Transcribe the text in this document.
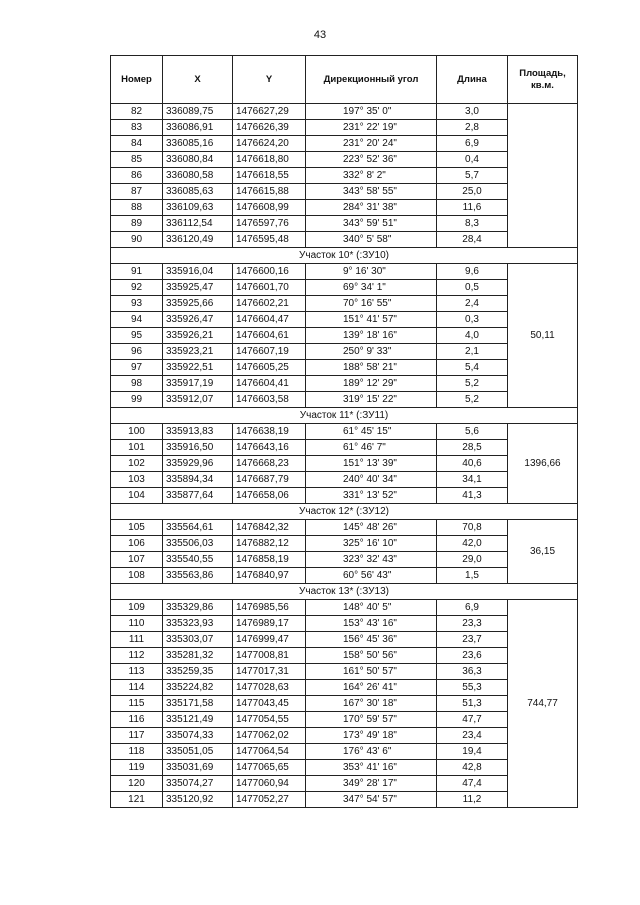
43
Номер	X	Y	Дирекционный угол	Длина	Площадь, кв.м.
82	336089,75	1476627,29	197° 35' 0"	3,0	
83	336086,91	1476626,39	231° 22' 19"	2,8	
84	336085,16	1476624,20	231° 20' 24"	6,9	
85	336080,84	1476618,80	223° 52' 36"	0,4	
86	336080,58	1476618,55	332° 8' 2"	5,7	
87	336085,63	1476615,88	343° 58' 55"	25,0	
88	336109,63	1476608,99	284° 31' 38"	11,6	
89	336112,54	1476597,76	343° 59' 51"	8,3	
90	336120,49	1476595,48	340° 5' 58"	28,4	
Участок 10* (:ЗУ10)					
91	335916,04	1476600,16	9° 16' 30"	9,6	50,11
92	335925,47	1476601,70	69° 34' 1"	0,5	
93	335925,66	1476602,21	70° 16' 55"	2,4	
94	335926,47	1476604,47	151° 41' 57"	0,3	
95	335926,21	1476604,61	139° 18' 16"	4,0	
96	335923,21	1476607,19	250° 9' 33"	2,1	
97	335922,51	1476605,25	188° 58' 21"	5,4	
98	335917,19	1476604,41	189° 12' 29"	5,2	
99	335912,07	1476603,58	319° 15' 22"	5,2	
Участок 11* (:ЗУ11)					
100	335913,83	1476638,19	61° 45' 15"	5,6	1396,66
101	335916,50	1476643,16	61° 46' 7"	28,5	
102	335929,96	1476668,23	151° 13' 39"	40,6	
103	335894,34	1476687,79	240° 40' 34"	34,1	
104	335877,64	1476658,06	331° 13' 52"	41,3	
Участок 12* (:ЗУ12)					
105	335564,61	1476842,32	145° 48' 26"	70,8	36,15
106	335506,03	1476882,12	325° 16' 10"	42,0	
107	335540,55	1476858,19	323° 32' 43"	29,0	
108	335563,86	1476840,97	60° 56' 43"	1,5	
Участок 13* (:ЗУ13)					
109	335329,86	1476985,56	148° 40' 5"	6,9	744,77
110	335323,93	1476989,17	153° 43' 16"	23,3	
111	335303,07	1476999,47	156° 45' 36"	23,7	
112	335281,32	1477008,81	158° 50' 56"	23,6	
113	335259,35	1477017,31	161° 50' 57"	36,3	
114	335224,82	1477028,63	164° 26' 41"	55,3	
115	335171,58	1477043,45	167° 30' 18"	51,3	
116	335121,49	1477054,55	170° 59' 57"	47,7	
117	335074,33	1477062,02	173° 49' 18"	23,4	
118	335051,05	1477064,54	176° 43' 6"	19,4	
119	335031,69	1477065,65	353° 41' 16"	42,8	
120	335074,27	1477060,94	349° 28' 17"	47,4	
121	335120,92	1477052,27	347° 54' 57"	11,2	
